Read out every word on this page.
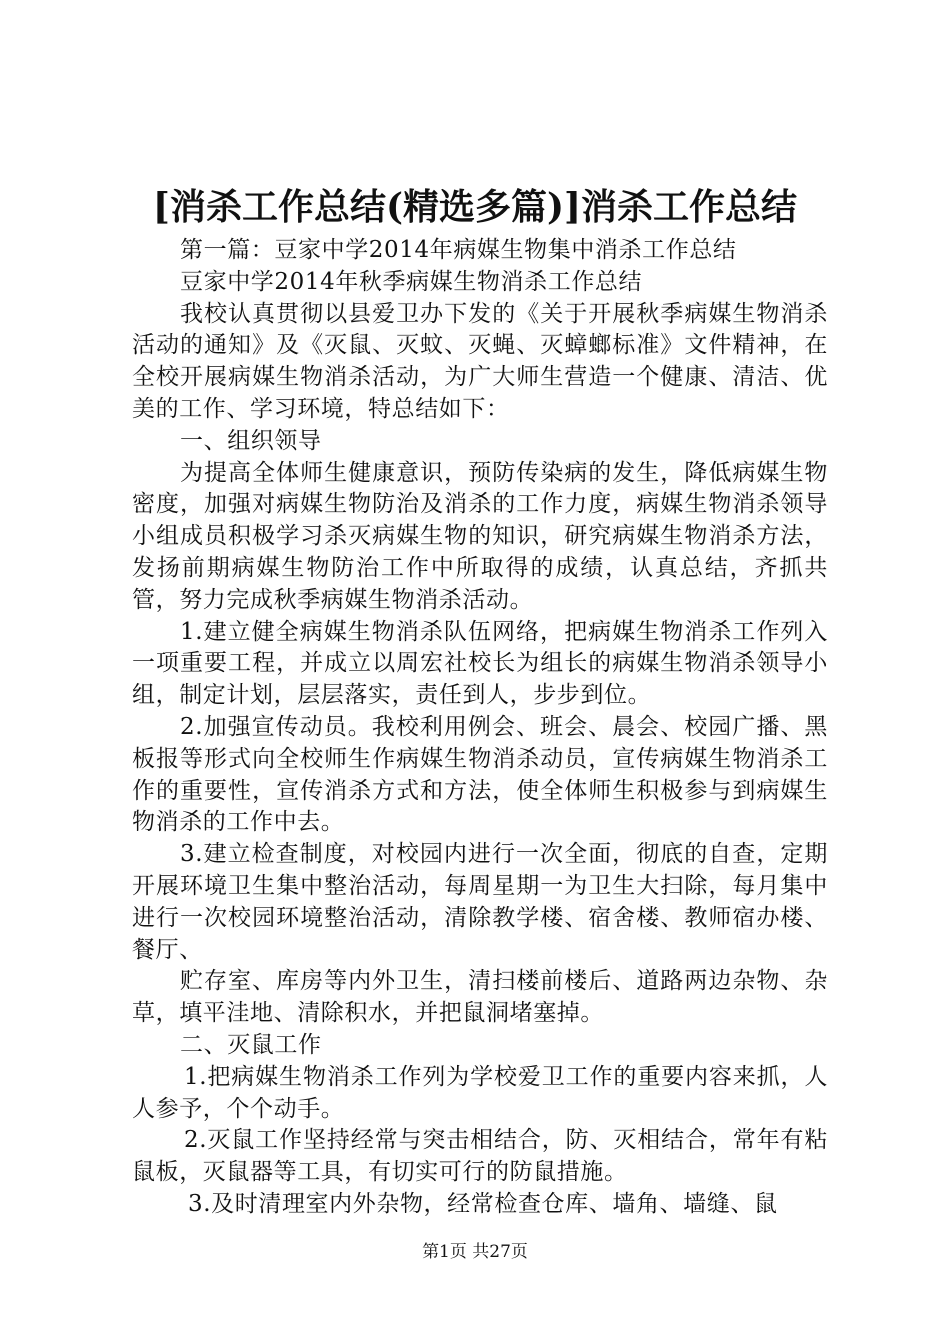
[消杀工作总结(精选多篇)]消杀工作总结

第一篇：豆家中学2014年病媒生物集中消杀工作总结

豆家中学2014年秋季病媒生物消杀工作总结

我校认真贯彻以县爱卫办下发的《关于开展秋季病媒生物消杀活动的通知》及《灭鼠、灭蚊、灭蝇、灭蟑螂标准》文件精神，在全校开展病媒生物消杀活动，为广大师生营造一个健康、清洁、优美的工作、学习环境，特总结如下：

一、组织领导

为提高全体师生健康意识，预防传染病的发生，降低病媒生物密度，加强对病媒生物防治及消杀的工作力度，病媒生物消杀领导小组成员积极学习杀灭病媒生物的知识，研究病媒生物消杀方法，发扬前期病媒生物防治工作中所取得的成绩，认真总结，齐抓共管，努力完成秋季病媒生物消杀活动。

1.建立健全病媒生物消杀队伍网络，把病媒生物消杀工作列入一项重要工程，并成立以周宏社校长为组长的病媒生物消杀领导小组，制定计划，层层落实，责任到人，步步到位。

2.加强宣传动员。我校利用例会、班会、晨会、校园广播、黑板报等形式向全校师生作病媒生物消杀动员，宣传病媒生物消杀工作的重要性，宣传消杀方式和方法，使全体师生积极参与到病媒生物消杀的工作中去。

3.建立检查制度，对校园内进行一次全面，彻底的自查，定期开展环境卫生集中整治活动，每周星期一为卫生大扫除，每月集中进行一次校园环境整治活动，清除教学楼、宿舍楼、教师宿办楼、餐厅、

贮存室、库房等内外卫生，清扫楼前楼后、道路两边杂物、杂草，填平洼地、清除积水，并把鼠洞堵塞掉。

二、灭鼠工作

1.把病媒生物消杀工作列为学校爱卫工作的重要内容来抓，人人参予，个个动手。

2.灭鼠工作坚持经常与突击相结合，防、灭相结合，常年有粘鼠板，灭鼠器等工具，有切实可行的防鼠措施。

3.及时清理室内外杂物，经常检查仓库、墙角、墙缝、鼠

第1页 共27页
